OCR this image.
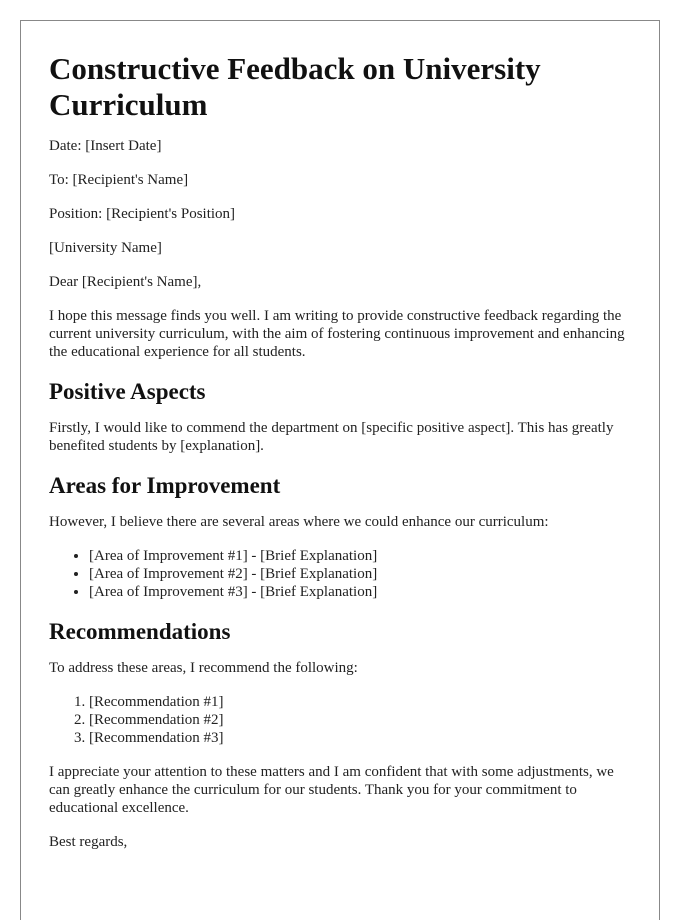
Constructive Feedback on University Curriculum

Date: [Insert Date]

To: [Recipient's Name]

Position: [Recipient's Position]

[University Name]

Dear [Recipient's Name],

I hope this message finds you well. I am writing to provide constructive feedback regarding the current university curriculum, with the aim of fostering continuous improvement and enhancing the educational experience for all students.

Positive Aspects

Firstly, I would like to commend the department on [specific positive aspect]. This has greatly benefited students by [explanation].

Areas for Improvement

However, I believe there are several areas where we could enhance our curriculum:

• [Area of Improvement #1] - [Brief Explanation]
• [Area of Improvement #2] - [Brief Explanation]
• [Area of Improvement #3] - [Brief Explanation]
Recommendations

To address these areas, I recommend the following:

1. [Recommendation #1]
2. [Recommendation #2]
3. [Recommendation #3]

I appreciate your attention to these matters and I am confident that with some adjustments, we can greatly enhance the curriculum for our students. Thank you for your commitment to educational excellence.

Best regards,
